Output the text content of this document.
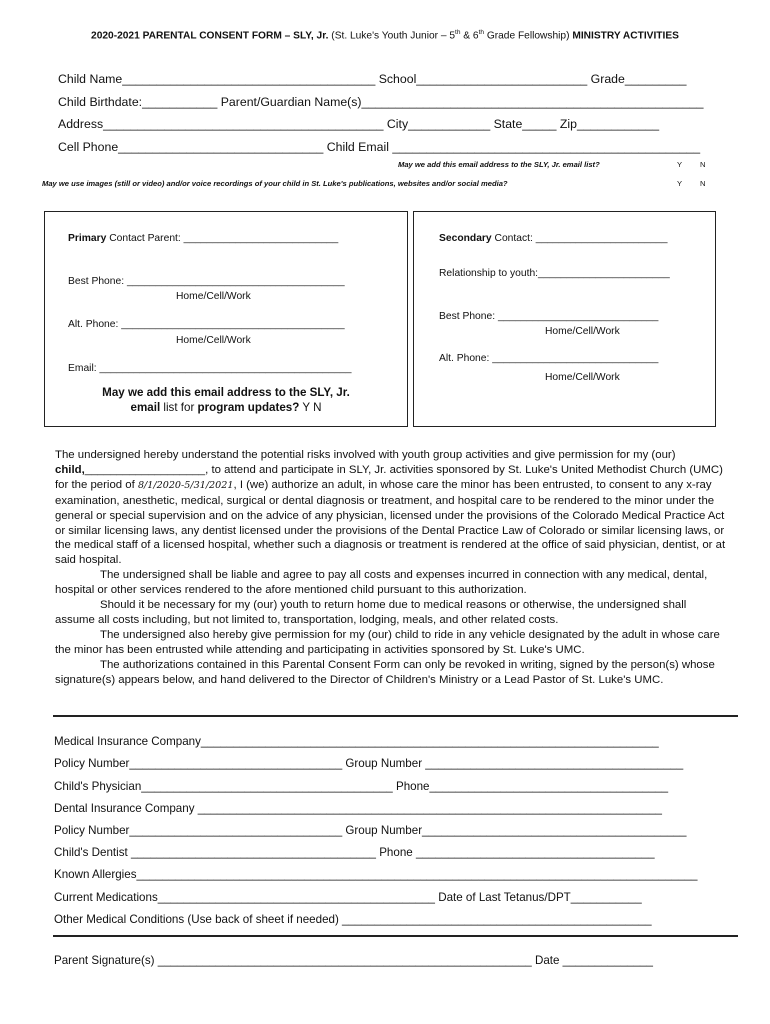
2020-2021 PARENTAL CONSENT FORM – SLY, Jr. (St. Luke's Youth Junior – 5th & 6th Grade Fellowship) MINISTRY ACTIVITIES
Child Name_____________________________________ School_________________________ Grade_________
Child Birthdate:___________ Parent/Guardian Name(s)__________________________________________________
Address_________________________________________ City____________ State_____ Zip____________
Cell Phone______________________________ Child Email _____________________________________________
May we add this email address to the SLY, Jr. email list?	Y N
May we use images (still or video) and/or voice recordings of your child in St. Luke's publications, websites and/or social media?	Y N
Primary Contact Parent: ___________________________
Best Phone: ______________________________________
Home/Cell/Work
Alt. Phone: _______________________________________
Home/Cell/Work
Email: ____________________________________________
May we add this email address to the SLY, Jr.
email list for program updates? Y N
Secondary Contact: _______________________
Relationship to youth:_______________________
Best Phone: ____________________________
Home/Cell/Work
Alt. Phone: _____________________________
Home/Cell/Work

The undersigned hereby understand the potential risks involved with youth group activities and give permission for my (our) child,___________________, to attend and participate in SLY, Jr. activities sponsored by St. Luke's United Methodist Church (UMC) for the period of 8/1/2020-5/31/2021, I (we) authorize an adult, in whose care the minor has been entrusted, to consent to any x-ray examination, anesthetic, medical, surgical or dental diagnosis or treatment, and hospital care to be rendered to the minor under the general or special supervision and on the advice of any physician, licensed under the provisions of the Colorado Medical Practice Act or similar licensing laws, any dentist licensed under the provisions of the Dental Practice Law of Colorado or similar licensing laws, or the medical staff of a licensed hospital, whether such a diagnosis or treatment is rendered at the office of said physician, dentist, or at said hospital.

The undersigned shall be liable and agree to pay all costs and expenses incurred in connection with any medical, dental, hospital or other services rendered to the afore mentioned child pursuant to this authorization.

Should it be necessary for my (our) youth to return home due to medical reasons or otherwise, the undersigned shall assume all costs including, but not limited to, transportation, lodging, meals, and other related costs.

The undersigned also hereby give permission for my (our) child to ride in any vehicle designated by the adult in whose care the minor has been entrusted while attending and participating in activities sponsored by St. Luke's UMC.

The authorizations contained in this Parental Consent Form can only be revoked in writing, signed by the person(s) whose signature(s) appears below, and hand delivered to the Director of Children's Ministry or a Lead Pastor of St. Luke's UMC.

Medical Insurance Company_______________________________________________________________________
Policy Number_________________________________ Group Number ________________________________________
Child's Physician_______________________________________ Phone_____________________________________
Dental Insurance Company ________________________________________________________________________
Policy Number_________________________________ Group Number_________________________________________
Child's Dentist ______________________________________ Phone _____________________________________
Known Allergies_______________________________________________________________________________________
Current Medications___________________________________________ Date of Last Tetanus/DPT___________
Other Medical Conditions (Use back of sheet if needed) ________________________________________________
Parent Signature(s) __________________________________________________________ Date ______________
